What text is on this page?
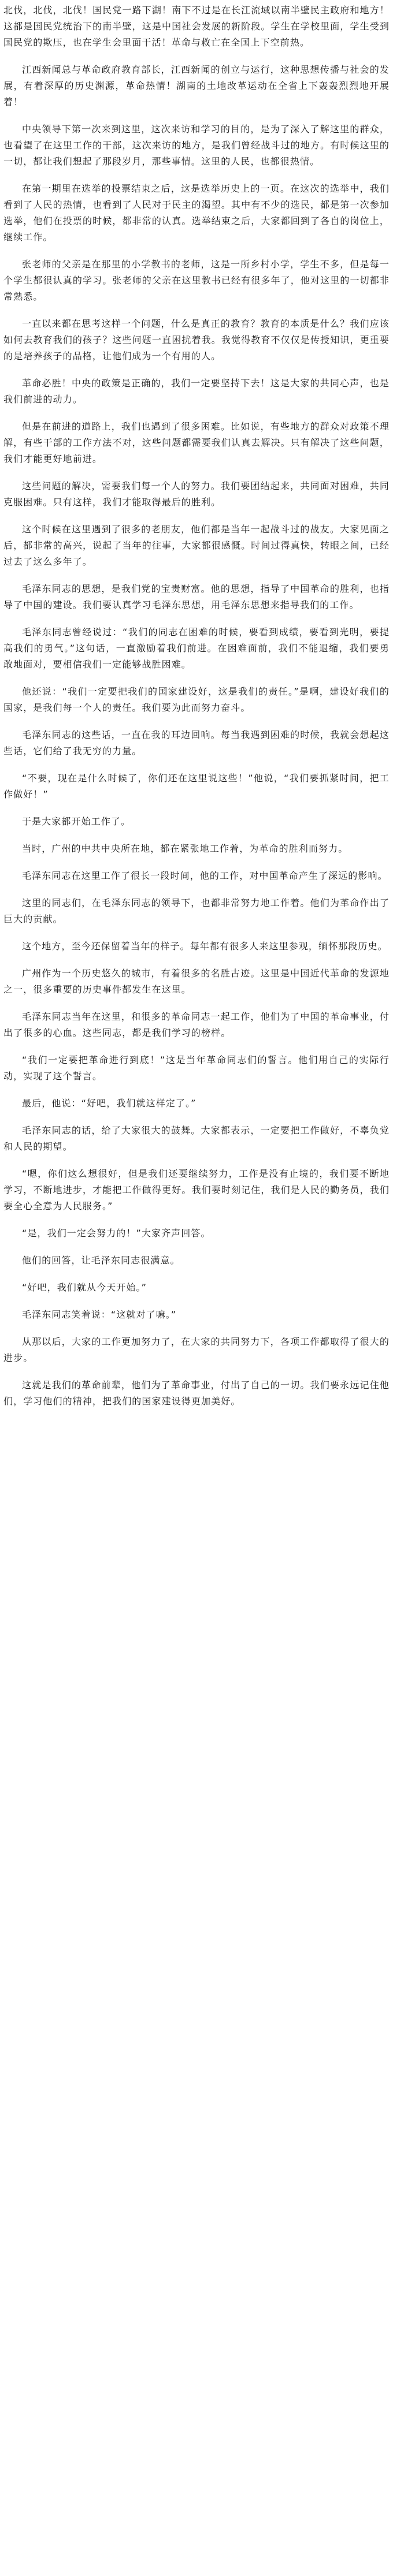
北伐，北伐，北伐！国民党一路下湖！南下不过是在长江流域以南半壁民主政府和地方！这都是国民党统治下的南半壁，这是中国社会发展的新阶段。学生在学校里面，学生受到国民党的欺压，也在学生会里面干活！革命与救亡在全国上下空前热。

江西新闻总与革命政府教育部长，江西新闻的创立与运行，这种思想传播与社会的发展，有着深厚的历史渊源，革命热情！湖南的土地改革运动在全省上下轰轰烈烈地开展着！

中央领导下第一次来到这里，这次来访和学习的目的，是为了深入了解这里的群众，也看望了在这里工作的干部，这次来访的地方，是我们曾经战斗过的地方。有时候这里的一切，都让我们想起了那段岁月，那些事情。这里的人民，也都很热情。

在第一期里在选举的投票结束之后，这是选举历史上的一页。在这次的选举中，我们看到了人民的热情，也看到了人民对于民主的渴望。其中有不少的选民，都是第一次参加选举，他们在投票的时候，都非常的认真。选举结束之后，大家都回到了各自的岗位上，继续工作。

张老师的父亲是在那里的小学教书的老师，这是一所乡村小学，学生不多，但是每一个学生都很认真的学习。张老师的父亲在这里教书已经有很多年了，他对这里的一切都非常熟悉。

一直以来都在思考这样一个问题，什么是真正的教育？教育的本质是什么？我们应该如何去教育我们的孩子？这些问题一直困扰着我。我觉得教育不仅仅是传授知识，更重要的是培养孩子的品格，让他们成为一个有用的人。

革命必胜！中央的政策是正确的，我们一定要坚持下去！这是大家的共同心声，也是我们前进的动力。

但是在前进的道路上，我们也遇到了很多困难。比如说，有些地方的群众对政策不理解，有些干部的工作方法不对，这些问题都需要我们认真去解决。只有解决了这些问题，我们才能更好地前进。

这些问题的解决，需要我们每一个人的努力。我们要团结起来，共同面对困难，共同克服困难。只有这样，我们才能取得最后的胜利。

这个时候在这里遇到了很多的老朋友，他们都是当年一起战斗过的战友。大家见面之后，都非常的高兴，说起了当年的往事，大家都很感慨。时间过得真快，转眼之间，已经过去了这么多年了。

毛泽东同志的思想，是我们党的宝贵财富。他的思想，指导了中国革命的胜利，也指导了中国的建设。我们要认真学习毛泽东思想，用毛泽东思想来指导我们的工作。

毛泽东同志曾经说过：“我们的同志在困难的时候，要看到成绩，要看到光明，要提高我们的勇气。”这句话，一直激励着我们前进。在困难面前，我们不能退缩，我们要勇敢地面对，要相信我们一定能够战胜困难。

他还说：“我们一定要把我们的国家建设好，这是我们的责任。”是啊，建设好我们的国家，是我们每一个人的责任。我们要为此而努力奋斗。

毛泽东同志的这些话，一直在我的耳边回响。每当我遇到困难的时候，我就会想起这些话，它们给了我无穷的力量。

“不要，现在是什么时候了，你们还在这里说这些！”他说，“我们要抓紧时间，把工作做好！”

于是大家都开始工作了。

当时，广州的中共中央所在地，都在紧张地工作着，为革命的胜利而努力。

毛泽东同志在这里工作了很长一段时间，他的工作，对中国革命产生了深远的影响。

这里的同志们，在毛泽东同志的领导下，也都非常努力地工作着。他们为革命作出了巨大的贡献。

这个地方，至今还保留着当年的样子。每年都有很多人来这里参观，缅怀那段历史。

广州作为一个历史悠久的城市，有着很多的名胜古迹。这里是中国近代革命的发源地之一，很多重要的历史事件都发生在这里。

毛泽东同志当年在这里，和很多的革命同志一起工作，他们为了中国的革命事业，付出了很多的心血。这些同志，都是我们学习的榜样。

“我们一定要把革命进行到底！”这是当年革命同志们的誓言。他们用自己的实际行动，实现了这个誓言。

最后，他说：“好吧，我们就这样定了。”

毛泽东同志的话，给了大家很大的鼓舞。大家都表示，一定要把工作做好，不辜负党和人民的期望。

“嗯，你们这么想很好，但是我们还要继续努力，工作是没有止境的，我们要不断地学习，不断地进步，才能把工作做得更好。我们要时刻记住，我们是人民的勤务员，我们要全心全意为人民服务。”

“是，我们一定会努力的！”大家齐声回答。

他们的回答，让毛泽东同志很满意。

“好吧，我们就从今天开始。”

毛泽东同志笑着说：“这就对了嘛。”

从那以后，大家的工作更加努力了，在大家的共同努力下，各项工作都取得了很大的进步。

这就是我们的革命前辈，他们为了革命事业，付出了自己的一切。我们要永远记住他们，学习他们的精神，把我们的国家建设得更加美好。
